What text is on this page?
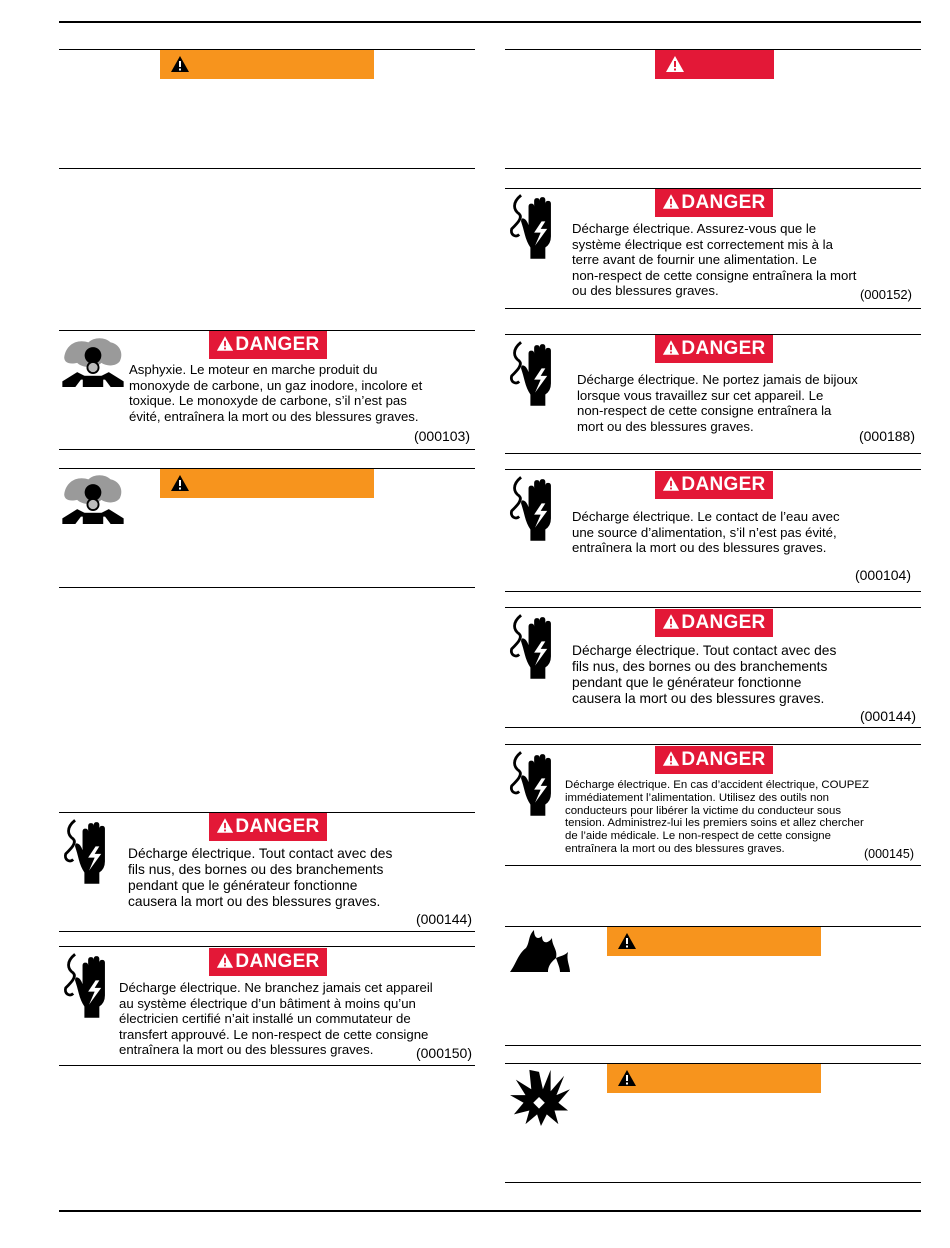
DANGER
Asphyxie. Le moteur en marche produit du
monoxyde de carbone, un gaz inodore, incolore et
toxique. Le monoxyde de carbone, s’il n’est pas
évité, entraînera la mort ou des blessures graves.
(000103)
DANGER
Décharge électrique. Tout contact avec des
fils nus, des bornes ou des branchements
pendant que le générateur fonctionne
causera la mort ou des blessures graves.
(000144)
DANGER
Décharge électrique. Ne branchez jamais cet appareil
au système électrique d’un bâtiment à moins qu’un
électricien certifié n’ait installé un commutateur de
transfert approuvé. Le non-respect de cette consigne
entraînera la mort ou des blessures graves.	(000150)
DANGER
Décharge électrique. Assurez-vous que le
système électrique est correctement mis à la
terre avant de fournir une alimentation. Le
non-respect de cette consigne entraînera la mort
ou des blessures graves.	(000152)
DANGER
Décharge électrique. Ne portez jamais de bijoux
lorsque vous travaillez sur cet appareil. Le
non-respect de cette consigne entraînera la
mort ou des blessures graves.
(000188)
DANGER
Décharge électrique. Le contact de l’eau avec
une source d’alimentation, s’il n’est pas évité,
entraînera la mort ou des blessures graves.
(000104)
DANGER
Décharge électrique. Tout contact avec des
fils nus, des bornes ou des branchements
pendant que le générateur fonctionne
causera la mort ou des blessures graves.
(000144)
DANGER
Décharge électrique. En cas d’accident électrique, COUPEZ
immédiatement l’alimentation. Utilisez des outils non
conducteurs pour libérer la victime du conducteur sous
tension. Administrez-lui les premiers soins et allez chercher
de l’aide médicale. Le non-respect de cette consigne
entraînera la mort ou des blessures graves.	(000145)
